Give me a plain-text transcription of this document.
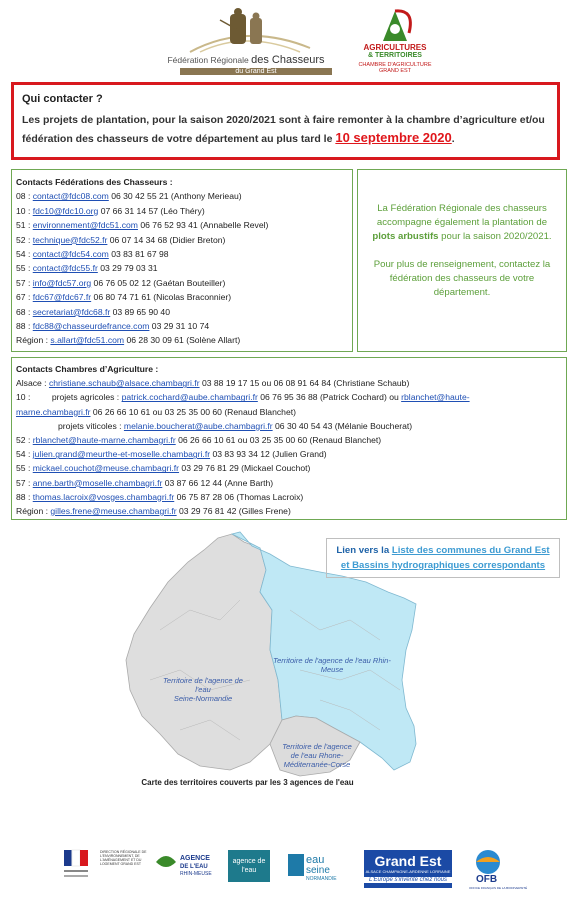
Fédération Régionale des Chasseurs
du Grand Est
AGRICULTURES
& TERRITOIRES
CHAMBRE D'AGRICULTURE
GRAND EST
Qui contacter ?
Les projets de plantation, pour la saison 2020/2021 sont à faire remonter à la chambre d’agriculture et/ou fédération des chasseurs de votre département au plus tard le 10 septembre 2020.
Contacts Fédérations des Chasseurs :
08 : contact@fdc08.com 06 30 42 55 21 (Anthony Merieau)
10 : fdc10@fdc10.org 07 66 31 14 57 (Léo Théry)
51 : environnement@fdc51.com 06 76 52 93 41 (Annabelle Revel)
52 : technique@fdc52.fr 06 07 14 34 68 (Didier Breton)
54 : contact@fdc54.com 03 83 81 67 98
55 : contact@fdc55.fr 03 29 79 03 31
57 : info@fdc57.org 06 76 05 02 12 (Gaétan Bouteiller)
67 : fdc67@fdc67.fr 06 80 74 71 61 (Nicolas Braconnier)
68 : secretariat@fdc68.fr 03 89 65 90 40
88 : fdc88@chasseurdefrance.com 03 29 31 10 74
Région : s.allart@fdc51.com 06 28 30 09 61 (Solène Allart)
La Fédération Régionale des chasseurs accompagne également la plantation de plots arbustifs pour la saison 2020/2021.
Pour plus de renseignement, contactez la fédération des chasseurs de votre département.
Contacts Chambres d’Agriculture :
Alsace : christiane.schaub@alsace.chambagri.fr 03 88 19 17 15 ou 06 08 91 64 84 (Christiane Schaub)
10 :         projets agricoles : patrick.cochard@aube.chambagri.fr 06 76 95 36 88 (Patrick Cochard) ou rblanchet@haute-
marne.chambagri.fr 06 26 66 10 61 ou 03 25 35 00 60 (Renaud Blanchet)
projets viticoles : melanie.boucherat@aube.chambagri.fr 06 30 40 54 43 (Mélanie Boucherat)
52 : rblanchet@haute-marne.chambagri.fr 06 26 66 10 61 ou 03 25 35 00 60 (Renaud Blanchet)
54 : julien.grand@meurthe-et-moselle.chambagri.fr 03 83 93 34 12 (Julien Grand)
55 : mickael.couchot@meuse.chambagri.fr 03 29 76 81 29 (Mickael Couchot)
57 : anne.barth@moselle.chambagri.fr 03 87 66 12 44 (Anne Barth)
88 : thomas.lacroix@vosges.chambagri.fr 06 75 87 28 06 (Thomas Lacroix)
Région : gilles.frene@meuse.chambagri.fr 03 29 76 81 42 (Gilles Frene)
Territoire de l'agence de l'eau Rhin-Meuse
Territoire de l'agence de l'eau
Seine-Normandie
Territoire de l'agence
de l'eau Rhone-
Méditerranée-Corse
Carte des territoires couverts par les 3 agences de l'eau
Lien vers la Liste des communes du Grand Est
et Bassins hydrographiques correspondants
DIRECTION RÉGIONALE DE L'ENVIRONNEMENT, DE L'AMÉNAGEMENT ET DU LOGEMENT GRAND EST
AGENCE
DE L'EAU
RHIN-MEUSE
agence de l'eau
eau
seine
NORMANDIE
Grand Est
ALSACE CHAMPAGNE-ARDENNE LORRAINE
L'Europe s'invente chez nous	OFB
OFFICE FRANÇAIS DE LA BIODIVERSITÉ
